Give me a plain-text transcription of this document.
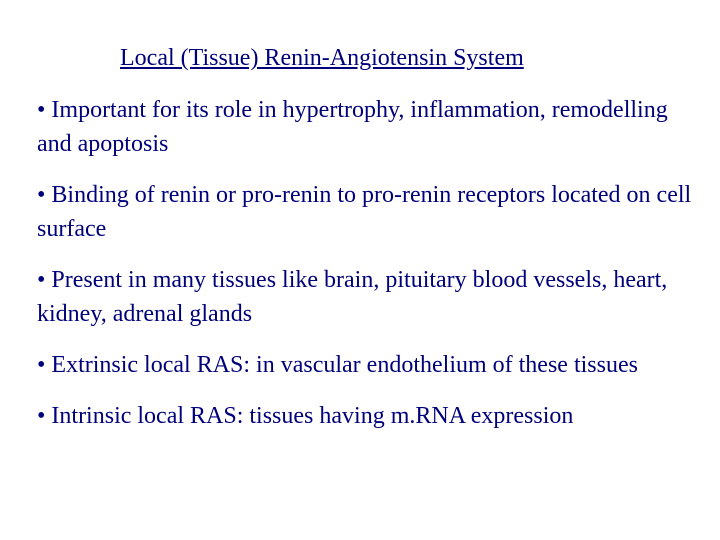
Local (Tissue) Renin-Angiotensin System
• Important for its role in hypertrophy, inflammation, remodelling and apoptosis
• Binding of renin or pro-renin to pro-renin receptors located on cell surface
• Present in many tissues like brain, pituitary blood vessels, heart, kidney, adrenal glands
• Extrinsic local RAS: in vascular endothelium of these tissues
• Intrinsic local RAS: tissues having m.RNA expression
